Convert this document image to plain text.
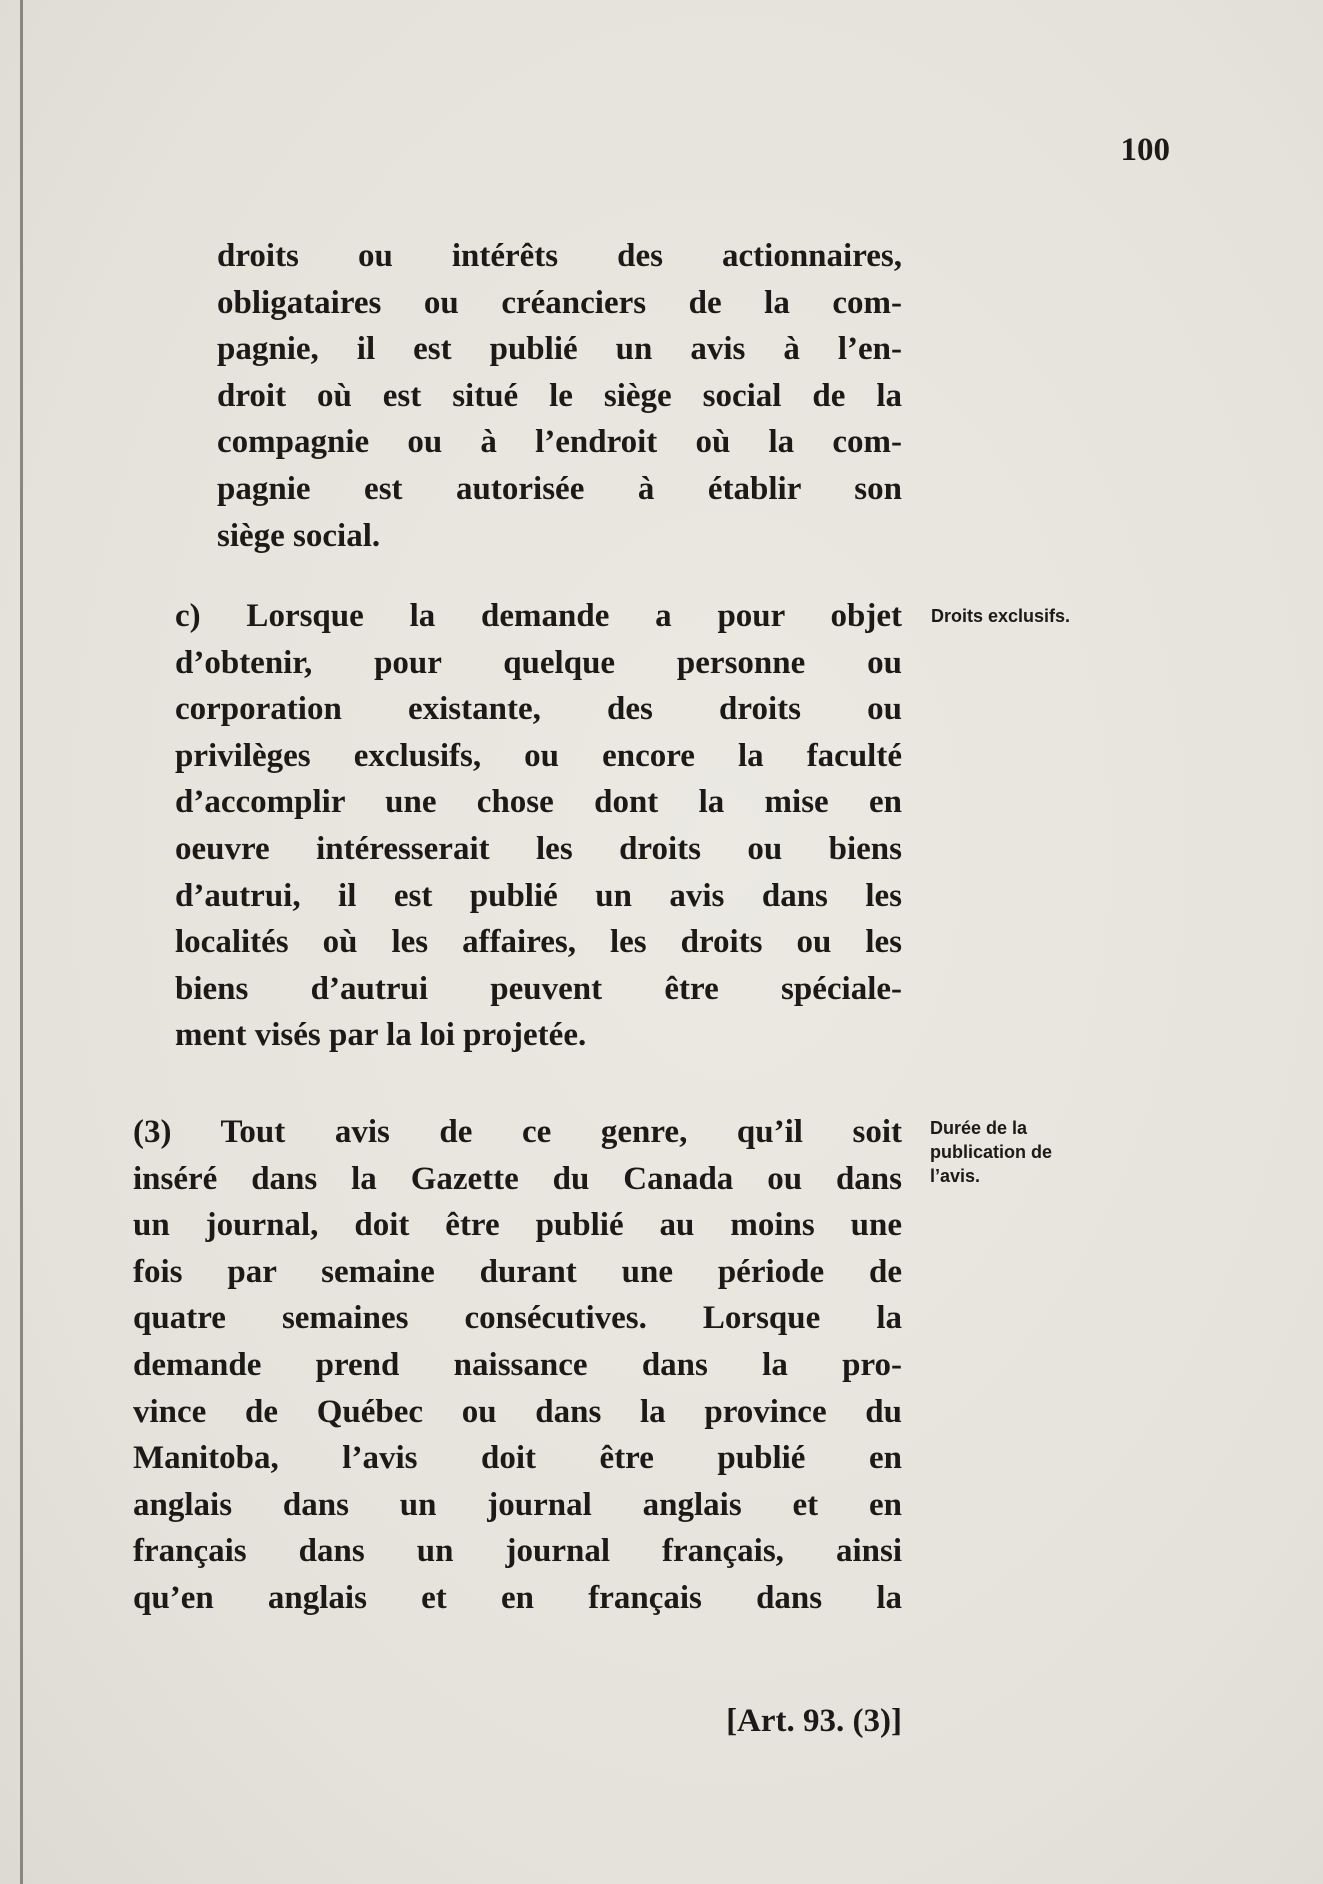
100
droits ou intérêts des actionnaires,
obligataires ou créanciers de la com-
pagnie, il est publié un avis à l’en-
droit où est situé le siège social de la
compagnie ou à l’endroit où la com-
pagnie est autorisée à établir son
siège social.
c) Lorsque la demande a pour objet
d’obtenir, pour quelque personne ou
corporation existante, des droits ou
privilèges exclusifs, ou encore la faculté
d’accomplir une chose dont la mise en
oeuvre intéresserait les droits ou biens
d’autrui, il est publié un avis dans les
localités où les affaires, les droits ou les
biens d’autrui peuvent être spéciale-
ment visés par la loi projetée.
Droits exclusifs.
(3) Tout avis de ce genre, qu’il soit
inséré dans la Gazette du Canada ou dans
un journal, doit être publié au moins une
fois par semaine durant une période de
quatre semaines consécutives. Lorsque la
demande prend naissance dans la pro-
vince de Québec ou dans la province du
Manitoba, l’avis doit être publié en
anglais dans un journal anglais et en
français dans un journal français, ainsi
qu’en anglais et en français dans la
Durée de la
publication de
l’avis.
[Art. 93. (3)]
